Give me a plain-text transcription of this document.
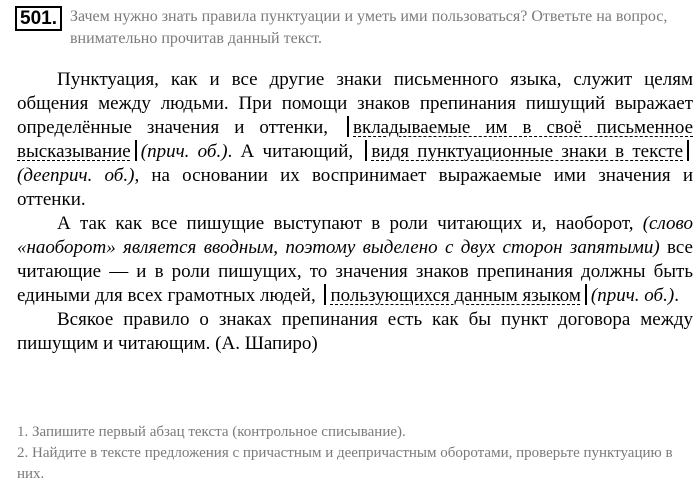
501. Зачем нужно знать правила пунктуации и уметь ими пользоваться? Ответьте на вопрос, внимательно прочитав данный текст.

Пунктуация, как и все другие знаки письменного языка, служит целям общения между людьми. При помощи знаков препинания пишущий выражает определённые значения и оттенки, вкладываемые им в своё письменное высказывание (прич. об.). А читающий, видя пунктуационные знаки в тексте(дееприч. об.), на основании их воспринимает выражаемые ими значения и оттенки.

А так как все пишущие выступают в роли читающих и, наоборот, (слово «наоборот» является вводным, поэтому выделено с двух сторон запятыми) все читающие — и в роли пишущих, то значения знаков препинания должны быть едиными для всех грамотных людей, пользующихся данным языком (прич. об.).

Всякое правило о знаках препинания есть как бы пункт договора между пишущим и читающим. (А. Шапиро)

1. Запишите первый абзац текста (контрольное списывание).
2. Найдите в тексте предложения с причастным и деепричастным оборотами, проверьте пунктуацию в них.
